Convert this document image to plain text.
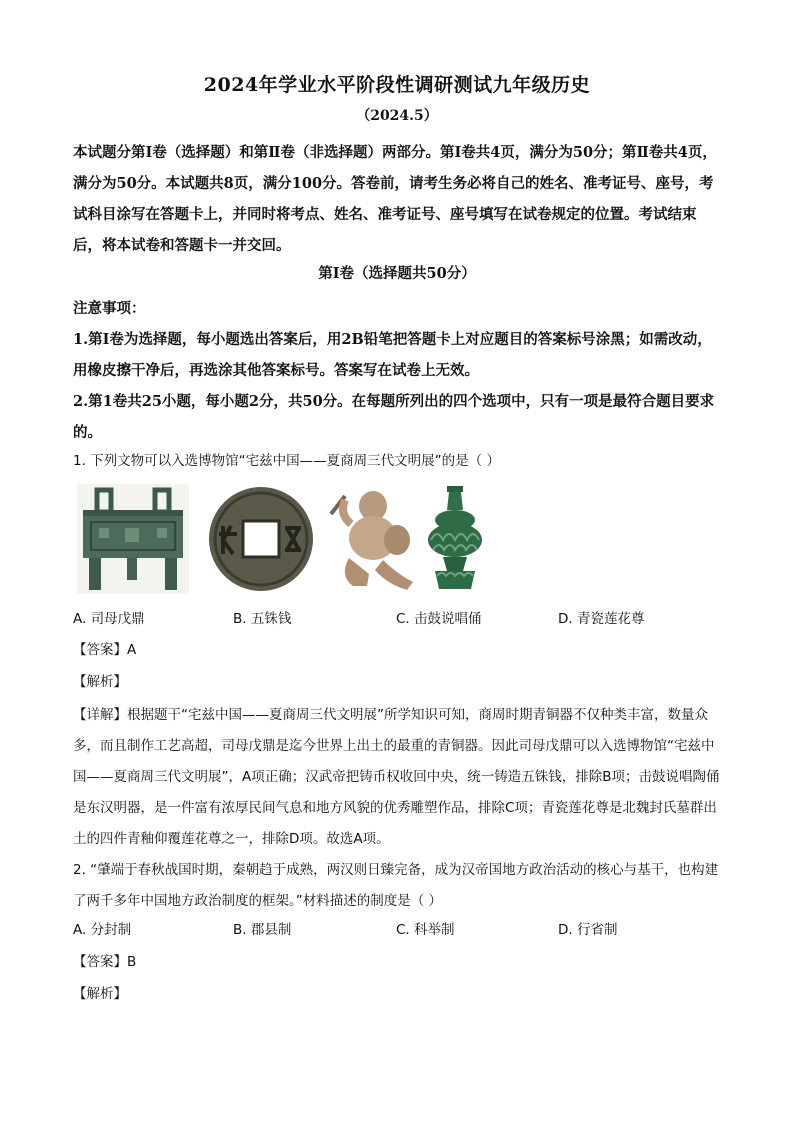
2024年学业水平阶段性调研测试九年级历史
（2024.5）
本试题分第Ⅰ卷（选择题）和第Ⅱ卷（非选择题）两部分。第Ⅰ卷共4页，满分为50分；第Ⅱ卷共4页，满分为50分。本试题共8页，满分100分。答卷前，请考生务必将自己的姓名、准考证号、座号，考试科目涂写在答题卡上，并同时将考点、姓名、准考证号、座号填写在试卷规定的位置。考试结束后，将本试卷和答题卡一并交回。
第Ⅰ卷（选择题共50分）
注意事项：
1.第Ⅰ卷为选择题，每小题选出答案后，用2B铅笔把答题卡上对应题目的答案标号涂黑；如需改动，用橡皮擦干净后，再选涂其他答案标号。答案写在试卷上无效。
2.第1卷共25小题，每小题2分，共50分。在每题所列出的四个选项中，只有一项是最符合题目要求的。
1. 下列文物可以入选博物馆“宅兹中国——夏商周三代文明展”的是（ ）
A. 司母戊鼎	B. 五铢钱	C. 击鼓说唱俑	D. 青瓷莲花尊
【答案】A
【解析】
【详解】根据题干“宅兹中国——夏商周三代文明展”所学知识可知，商周时期青铜器不仅种类丰富，数量众多，而且制作工艺高超，司母戊鼎是迄今世界上出土的最重的青铜器。因此司母戊鼎可以入选博物馆“宅兹中国——夏商周三代文明展”，A项正确；汉武帝把铸币权收回中央，统一铸造五铢钱，排除B项；击鼓说唱陶俑是东汉明器，是一件富有浓厚民间气息和地方风貌的优秀雕塑作品，排除C项；青瓷莲花尊是北魏封氏墓群出土的四件青釉仰覆莲花尊之一，排除D项。故选A项。
2. “肇端于春秋战国时期，秦朝趋于成熟，两汉则日臻完备，成为汉帝国地方政治活动的核心与基干，也构建了两千多年中国地方政治制度的框架。”材料描述的制度是（ ）
A. 分封制	B. 郡县制	C. 科举制	D. 行省制
【答案】B
【解析】
